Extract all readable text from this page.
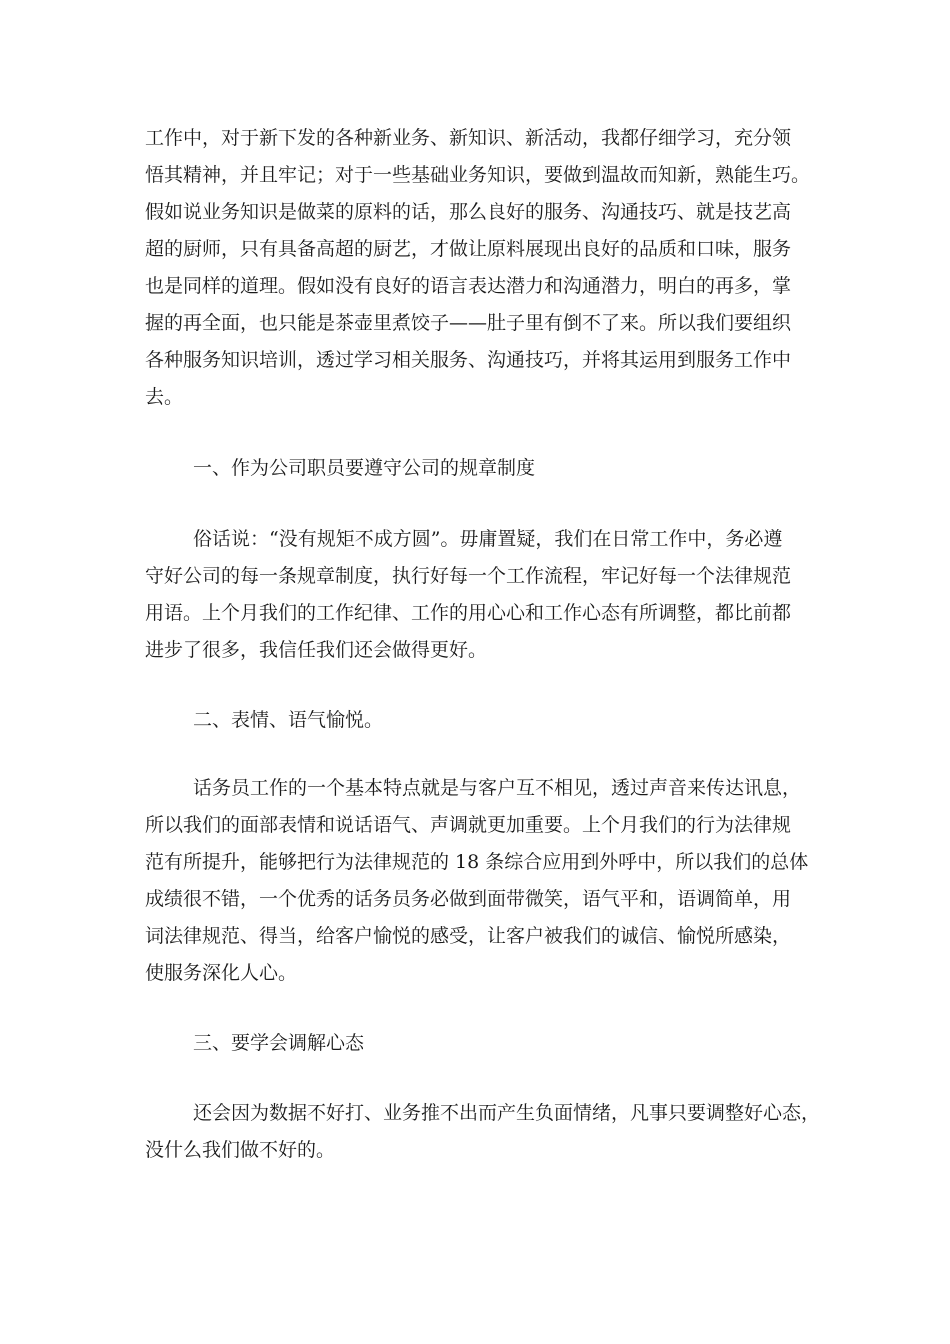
工作中，对于新下发的各种新业务、新知识、新活动，我都仔细学习，充分领
悟其精神，并且牢记；对于一些基础业务知识，要做到温故而知新，熟能生巧。
假如说业务知识是做菜的原料的话，那么良好的服务、沟通技巧、就是技艺高
超的厨师，只有具备高超的厨艺，才做让原料展现出良好的品质和口味，服务
也是同样的道理。假如没有良好的语言表达潜力和沟通潜力，明白的再多，掌
握的再全面，也只能是茶壶里煮饺子——肚子里有倒不了来。所以我们要组织
各种服务知识培训，透过学习相关服务、沟通技巧，并将其运用到服务工作中
去。
一、作为公司职员要遵守公司的规章制度
俗话说：“没有规矩不成方圆”。毋庸置疑，我们在日常工作中，务必遵
守好公司的每一条规章制度，执行好每一个工作流程，牢记好每一个法律规范
用语。上个月我们的工作纪律、工作的用心心和工作心态有所调整，都比前都
进步了很多，我信任我们还会做得更好。
二、表情、语气愉悦。
话务员工作的一个基本特点就是与客户互不相见，透过声音来传达讯息，
所以我们的面部表情和说话语气、声调就更加重要。上个月我们的行为法律规
范有所提升，能够把行为法律规范的 18 条综合应用到外呼中，所以我们的总体
成绩很不错，一个优秀的话务员务必做到面带微笑，语气平和，语调简单，用
词法律规范、得当，给客户愉悦的感受，让客户被我们的诚信、愉悦所感染，
使服务深化人心。
三、要学会调解心态
还会因为数据不好打、业务推不出而产生负面情绪，凡事只要调整好心态，
没什么我们做不好的。
